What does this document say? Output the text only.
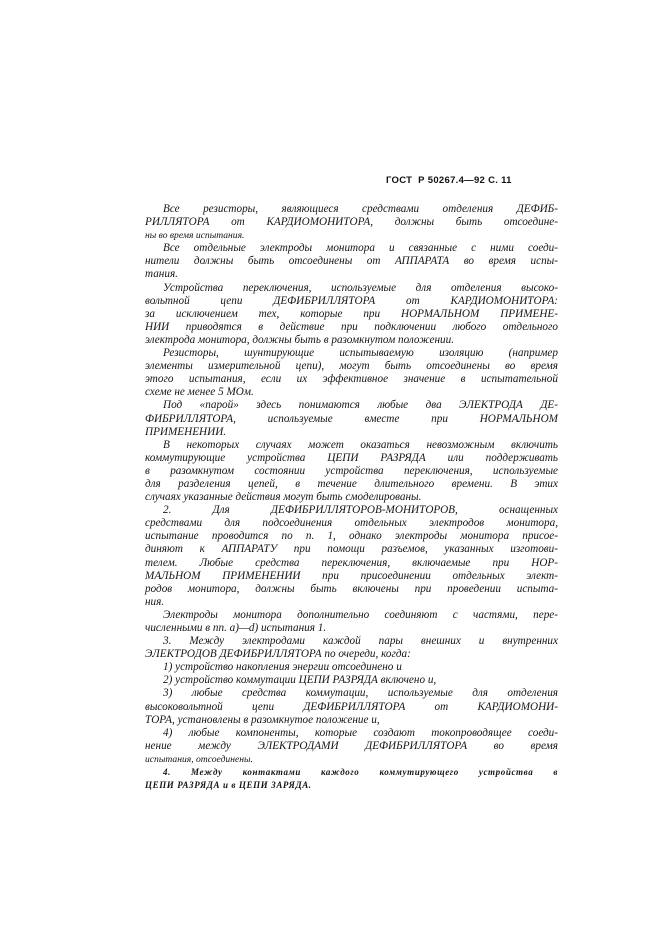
ГОСТ  Р 50267.4—92 С. 11
Все резисторы, являющиеся средствами отделения ДЕФИБ-
РИЛЛЯТОРА от КАРДИОМОНИТОРА, должны быть отсоедине-
ны во время испытания.
Все отдельные электроды монитора и связанные с ними соеди-
нители должны быть отсоединены от АППАРАТА во время испы-
тания.
Устройства переключения, используемые для отделения высоко-
вольтной цепи ДЕФИБРИЛЛЯТОРА от КАРДИОМОНИТОРА:
за исключением тех, которые при НОРМАЛЬНОМ ПРИМЕНЕ-
НИИ приводятся в действие при подключении любого отдельного
электрода монитора, должны быть в разомкнутом положении.
Резисторы, шунтирующие испытываемую изоляцию (например
элементы измерительной цепи), могут быть отсоединены во время
этого испытания, если их эффективное значение в испытательной
схеме не менее 5 МОм.
Под «парой» здесь понимаются любые два ЭЛЕКТРОДА ДЕ-
ФИБРИЛЛЯТОРА, используемые вместе при НОРМАЛЬНОМ
ПРИМЕНЕНИИ.
В некоторых случаях может оказаться невозможным включить
коммутирующие устройства ЦЕПИ РАЗРЯДА или поддерживать
в разомкнутом состоянии устройства переключения, используемые
для разделения цепей, в течение длительного времени. В этих
случаях указанные действия могут быть смоделированы.
2. Для ДЕФИБРИЛЛЯТОРОВ-МОНИТОРОВ, оснащенных
средствами для подсоединения отдельных электродов монитора,
испытание проводится по п. 1, однако электроды монитора присое-
диняют к АППАРАТУ при помощи разъемов, указанных изготови-
телем. Любые средства переключения, включаемые при НОР-
МАЛЬНОМ ПРИМЕНЕНИИ при присоединении отдельных элект-
родов монитора, должны быть включены при проведении испыта-
ния.
Электроды монитора дополнительно соединяют с частями, пере-
численными в пп. а)—d) испытания 1.
3. Между электродами каждой пары внешних и внутренних
ЭЛЕКТРОДОВ ДЕФИБРИЛЛЯТОРА по очереди, когда:
1) устройство накопления энергии отсоединено и
2) устройство коммутации ЦЕПИ РАЗРЯДА включено и,
3) любые средства коммутации, используемые для отделения
высоковольтной цепи ДЕФИБРИЛЛЯТОРА от КАРДИОМОНИ-
ТОРА, установлены в разомкнутое положение и,
4) любые компоненты, которые создают токопроводящее соеди-
нение между ЭЛЕКТРОДАМИ ДЕФИБРИЛЛЯТОРА во время
испытания, отсоединены.
4. Между контактами каждого коммутирующего устройства в
ЦЕПИ РАЗРЯДА и в ЦЕПИ ЗАРЯДА.
